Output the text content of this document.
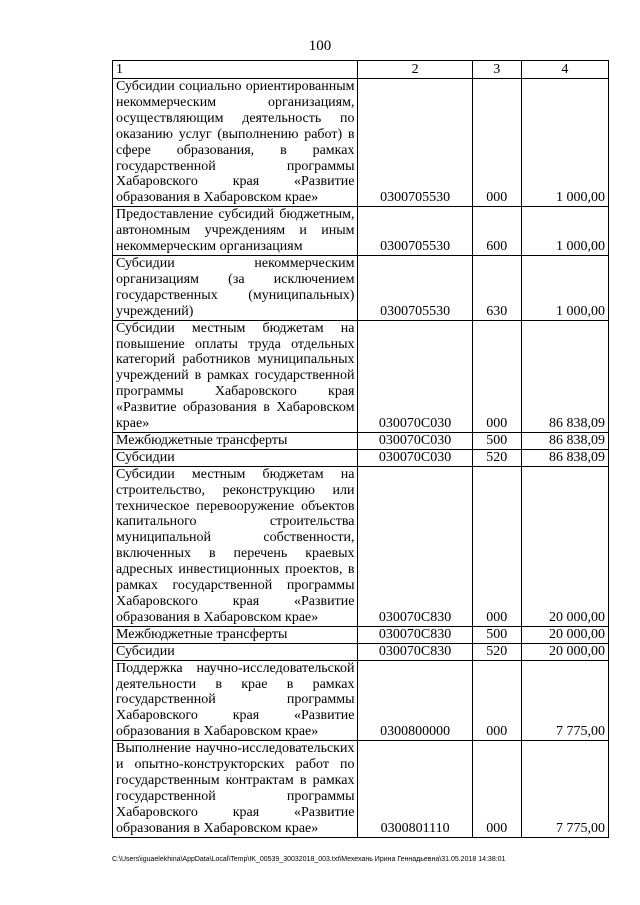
100
1	2	3	4
Субсидии социально ориентированным некоммерческим организациям, осуществляющим деятельность по оказанию услуг (выполнению работ) в сфере образования, в рамках государственной программы Хабаровского края «Развитие образования в Хабаровском крае»	0300705530	000	1 000,00
Предоставление субсидий бюджетным, автономным учреждениям и иным некоммерческим организациям	0300705530	600	1 000,00
Субсидии некоммерческим организациям (за исключением государственных (муниципальных) учреждений)	0300705530	630	1 000,00
Субсидии местным бюджетам на повышение оплаты труда отдельных категорий работников муниципальных учреждений в рамках государственной программы Хабаровского края «Развитие образования в Хабаровском крае»	030070С030	000	86 838,09
Межбюджетные трансферты	030070С030	500	86 838,09
Субсидии	030070С030	520	86 838,09
Субсидии местным бюджетам на строительство, реконструкцию или техническое перевооружение объектов капитального строительства муниципальной собственности, включенных в перечень краевых адресных инвестиционных проектов, в рамках государственной программы Хабаровского края «Развитие образования в Хабаровском крае»	030070С830	000	20 000,00
Межбюджетные трансферты	030070С830	500	20 000,00
Субсидии	030070С830	520	20 000,00
Поддержка научно-исследовательской деятельности в крае в рамках государственной программы Хабаровского края «Развитие образования в Хабаровском крае»	0300800000	000	7 775,00
Выполнение научно-исследовательских и опытно-конструкторских работ по государственным контрактам в рамках государственной программы Хабаровского края «Развитие образования в Хабаровском крае»	0300801110	000	7 775,00
C:\Users\iguaelekhina\AppData\Local\Temp\IK_00539_30032018_003.txt\Мехехань Ирина Геннадьевна\31.05.2018 14:38:01
